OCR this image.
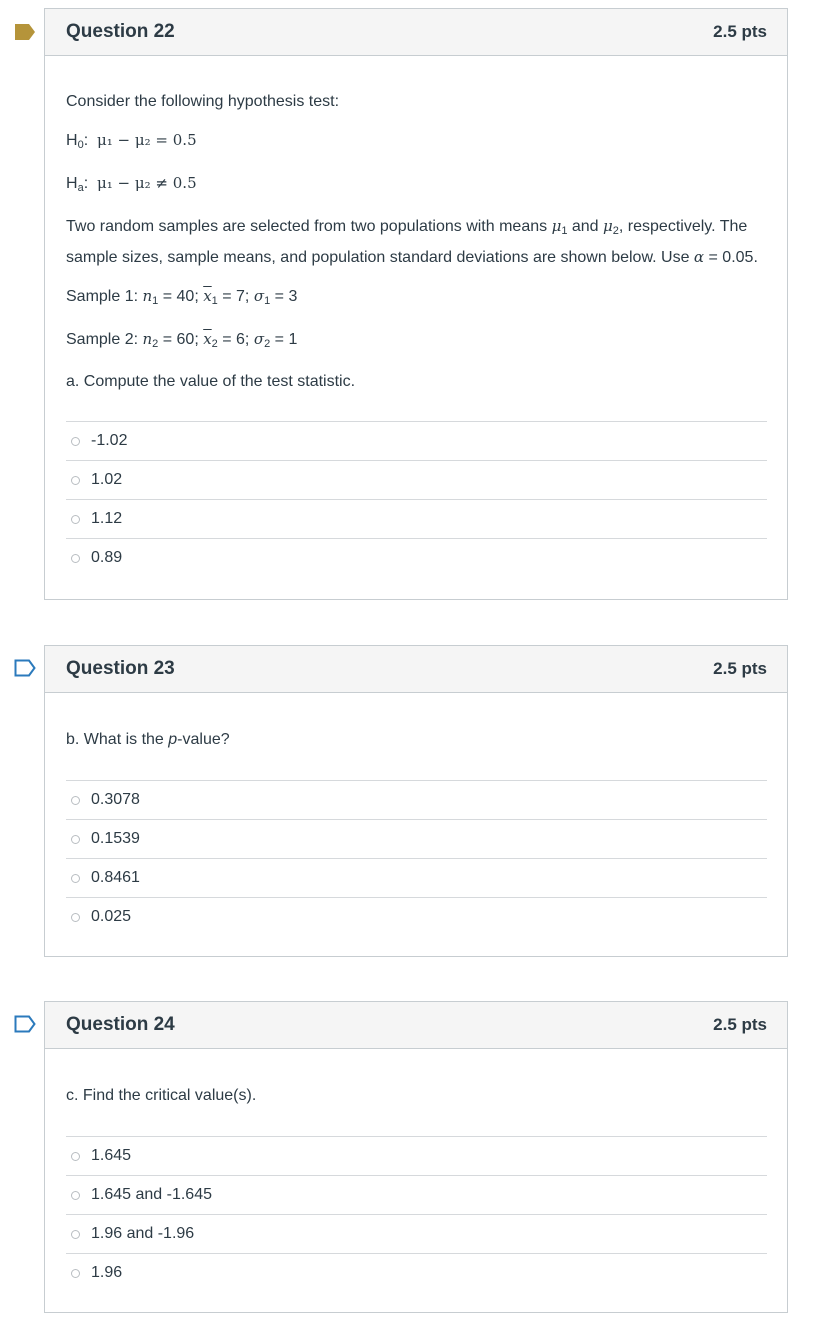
Question 22	2.5 pts
Consider the following hypothesis test:
$H_0$:  μ₁ − μ₂ = 0.5
$H_a$:  μ₁ − μ₂ ≠ 0.5
Two random samples are selected from two populations with means $\mu_1$ and $\mu_2$, respectively. The sample sizes, sample means, and population standard deviations are shown below. Use α = 0.05.
Sample 1: $n_1 = 40$; $\overline{x}_1 = 7$; $\sigma_1 = 3$
Sample 2: $n_2 = 60$; $\overline{x}_2 = 6$; $\sigma_2 = 1$
a. Compute the value of the test statistic.
-1.02
1.02
1.12
0.89
Question 23	2.5 pts
b. What is the p-value?
0.3078
0.1539
0.8461
0.025
Question 24	2.5 pts
c. Find the critical value(s).
1.645
1.645 and -1.645
1.96 and -1.96
1.96
